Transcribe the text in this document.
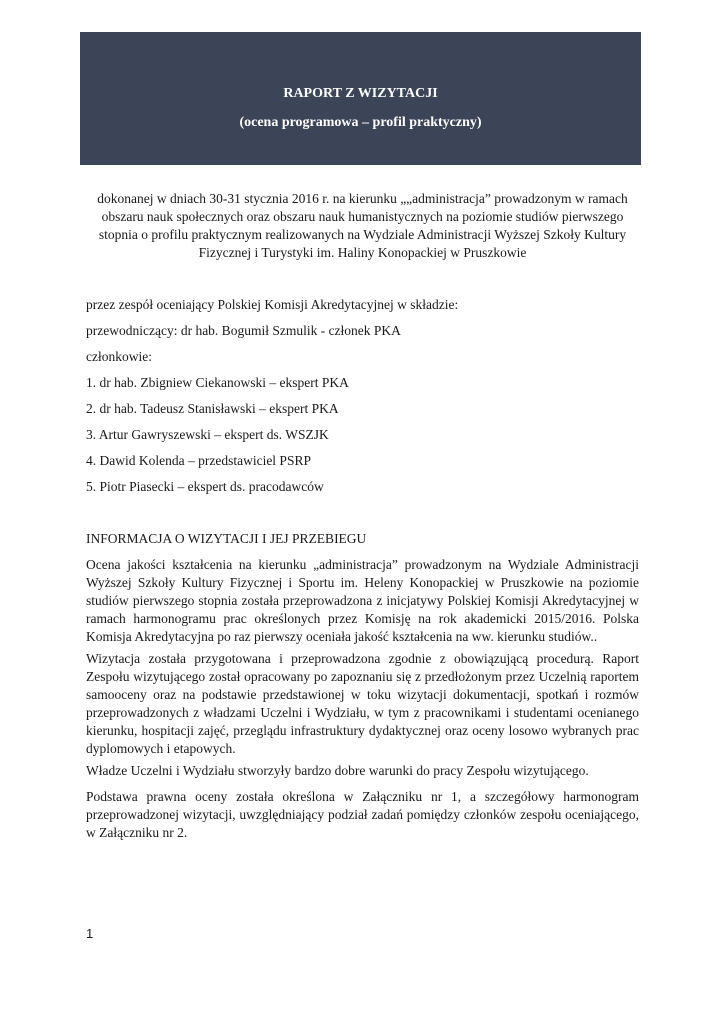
RAPORT Z WIZYTACJI
(ocena programowa – profil praktyczny)
dokonanej w dniach 30-31 stycznia 2016 r. na kierunku „„administracja” prowadzonym w ramach obszaru nauk społecznych oraz obszaru nauk humanistycznych na poziomie studiów pierwszego stopnia o profilu praktycznym realizowanych na Wydziale Administracji Wyższej Szkoły Kultury Fizycznej i Turystyki im. Haliny Konopackiej w Pruszkowie
przez zespół oceniający Polskiej Komisji Akredytacyjnej w składzie:
przewodniczący: dr hab. Bogumił Szmulik - członek PKA
członkowie:
1. dr hab. Zbigniew Ciekanowski – ekspert PKA
2. dr hab. Tadeusz Stanisławski – ekspert PKA
3. Artur Gawryszewski – ekspert ds. WSZJK
4. Dawid Kolenda – przedstawiciel PSRP
5. Piotr Piasecki – ekspert ds. pracodawców
INFORMACJA O WIZYTACJI I JEJ PRZEBIEGU
Ocena jakości kształcenia na kierunku „administracja” prowadzonym na Wydziale Administracji Wyższej Szkoły Kultury Fizycznej i Sportu im. Heleny Konopackiej w Pruszkowie na poziomie studiów pierwszego stopnia została przeprowadzona z inicjatywy Polskiej Komisji Akredytacyjnej w ramach harmonogramu prac określonych przez Komisję na rok akademicki 2015/2016. Polska Komisja Akredytacyjna po raz pierwszy oceniała jakość kształcenia na ww. kierunku studiów..
Wizytacja została przygotowana i przeprowadzona zgodnie z obowiązującą procedurą. Raport Zespołu wizytującego został opracowany po zapoznaniu się z przedłożonym przez Uczelnią raportem samooceny oraz na podstawie przedstawionej w toku wizytacji dokumentacji, spotkań i rozmów przeprowadzonych z władzami Uczelni i Wydziału, w tym z pracownikami i studentami ocenianego kierunku, hospitacji zajęć, przeglądu infrastruktury dydaktycznej oraz oceny losowo wybranych prac dyplomowych i etapowych.
Władze Uczelni i Wydziału stworzyły bardzo dobre warunki do pracy Zespołu wizytującego.
Podstawa prawna oceny została określona w Załączniku nr 1, a szczegółowy harmonogram przeprowadzonej wizytacji, uwzględniający podział zadań pomiędzy członków zespołu oceniającego, w Załączniku nr 2.
1
